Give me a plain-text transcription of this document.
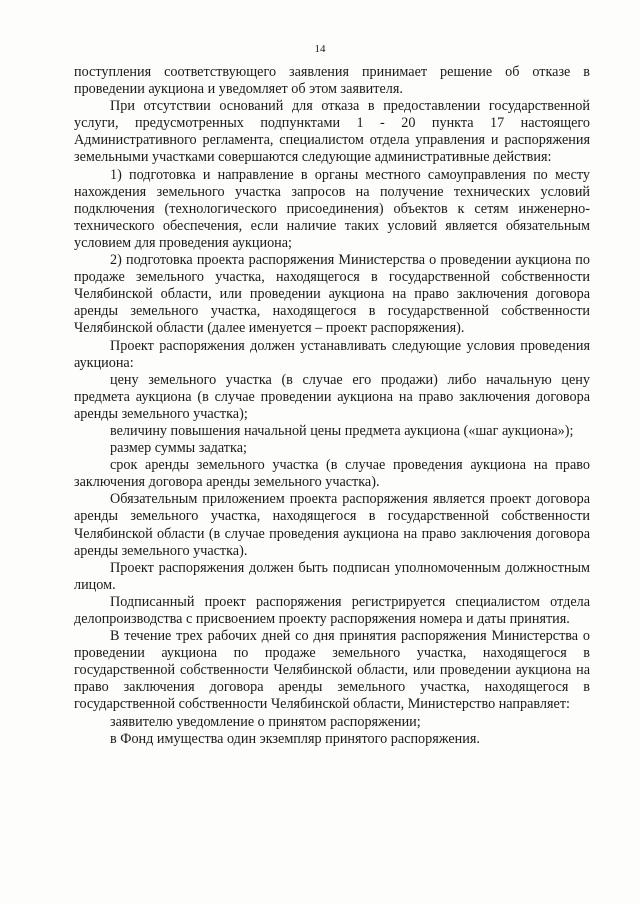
14

поступления соответствующего заявления принимает решение об отказе в проведении аукциона и уведомляет об этом заявителя.

При отсутствии оснований для отказа в предоставлении государственной услуги, предусмотренных подпунктами 1 - 20 пункта 17 настоящего Административного регламента, специалистом отдела управления и распоряжения земельными участками совершаются следующие административные действия:

1) подготовка и направление в органы местного самоуправления по месту нахождения земельного участка запросов на получение технических условий подключения (технологического присоединения) объектов к сетям инженерно-технического обеспечения, если наличие таких условий является обязательным условием для проведения аукциона;

2) подготовка проекта распоряжения Министерства о проведении аукциона по продаже земельного участка, находящегося в государственной собственности Челябинской области, или проведении аукциона на право заключения договора аренды земельного участка, находящегося в государственной собственности Челябинской области (далее именуется – проект распоряжения).

Проект распоряжения должен устанавливать следующие условия проведения аукциона:

цену земельного участка (в случае его продажи) либо начальную цену предмета аукциона (в случае проведении аукциона на право заключения договора аренды земельного участка);

величину повышения начальной цены предмета аукциона («шаг аукциона»);

размер суммы задатка;

срок аренды земельного участка (в случае проведения аукциона на право заключения договора аренды земельного участка).

Обязательным приложением проекта распоряжения является проект договора аренды земельного участка, находящегося в государственной собственности Челябинской области (в случае проведения аукциона на право заключения договора аренды земельного участка).

Проект распоряжения должен быть подписан уполномоченным должностным лицом.

Подписанный проект распоряжения регистрируется специалистом отдела делопроизводства с присвоением проекту распоряжения номера и даты принятия.

В течение трех рабочих дней со дня принятия распоряжения Министерства о проведении аукциона по продаже земельного участка, находящегося в государственной собственности Челябинской области, или проведении аукциона на право заключения договора аренды земельного участка, находящегося в государственной собственности Челябинской области, Министерство направляет:

заявителю уведомление о принятом распоряжении;

в Фонд имущества один экземпляр принятого распоряжения.
